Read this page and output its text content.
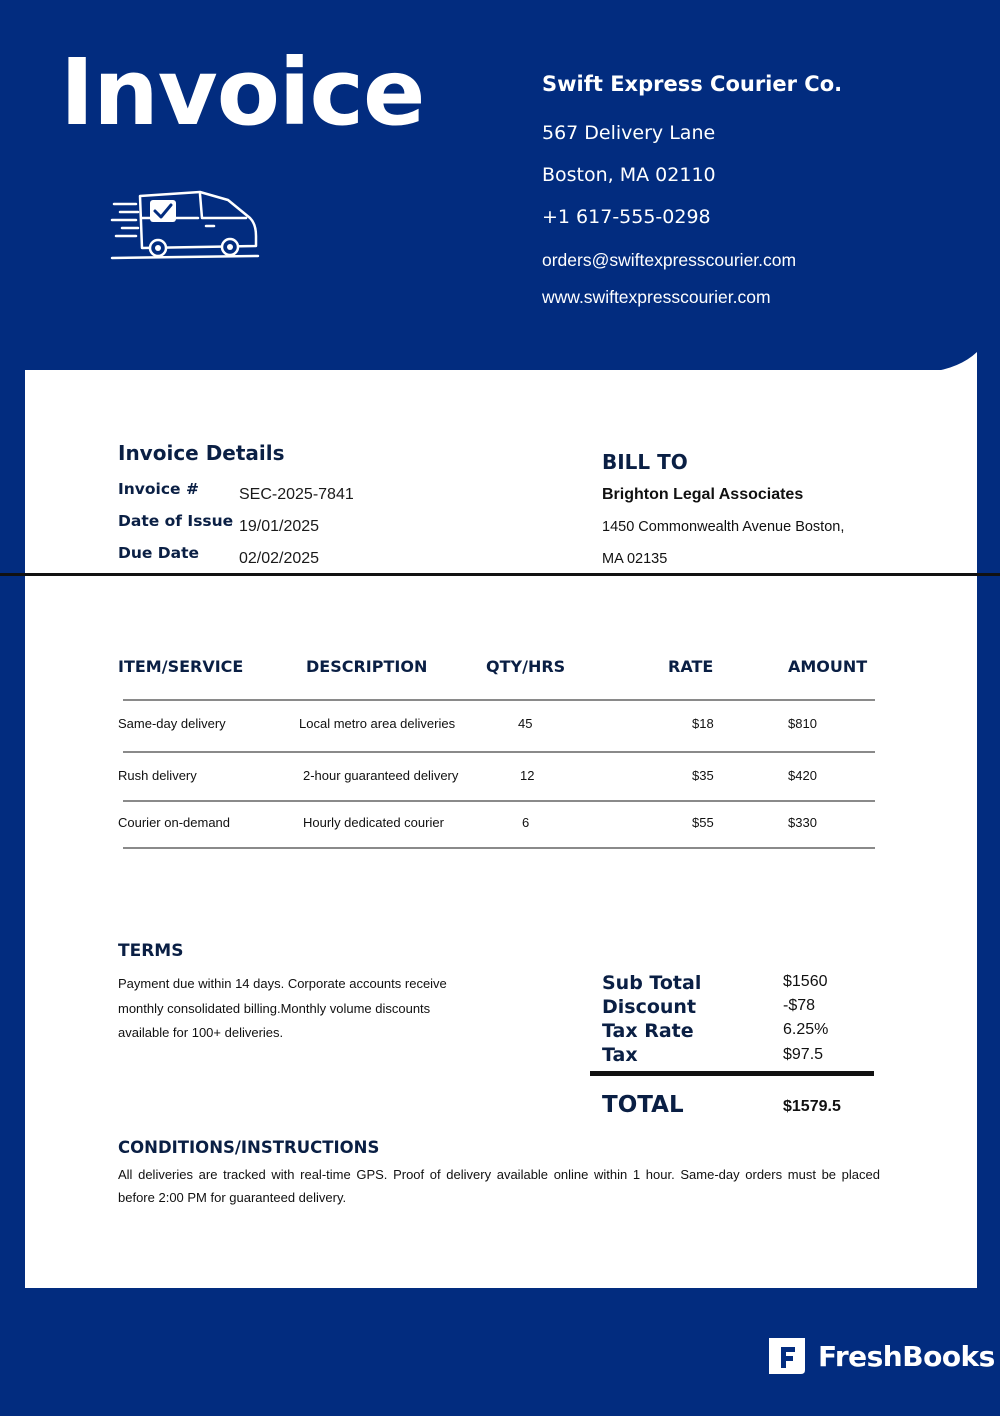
Invoice	Swift Express Courier Co.
567 Delivery Lane
Boston, MA 02110
+1 617-555-0298
orders@swiftexpresscourier.com
www.swiftexpresscourier.com
Invoice Details
Invoice #	SEC-2025-7841
Date of Issue 19/01/2025
Due Date 02/02/2025
BILL TO
Brighton Legal Associates
1450 Commonwealth Avenue Boston,
MA 02135
ITEM/SERVICE	DESCRIPTION	QTY/HRS	RATE	AMOUNT
Same-day delivery	Local metro area deliveries	45	$18	$810
Rush delivery	2-hour guaranteed delivery	12	$35	$420
Courier on-demand	Hourly dedicated courier	6	$55	$330
TERMS
Payment due within 14 days. Corporate accounts receive monthly consolidated billing.Monthly volume discounts available for 100+ deliveries.
Sub Total	$1560
Discount	-$78
Tax Rate	6.25%
Tax	$97.5
TOTAL	$1579.5
CONDITIONS/INSTRUCTIONS
All deliveries are tracked with real-time GPS. Proof of delivery available online within 1 hour. Same-day orders must be placed before 2:00 PM for guaranteed delivery.
FreshBooks
